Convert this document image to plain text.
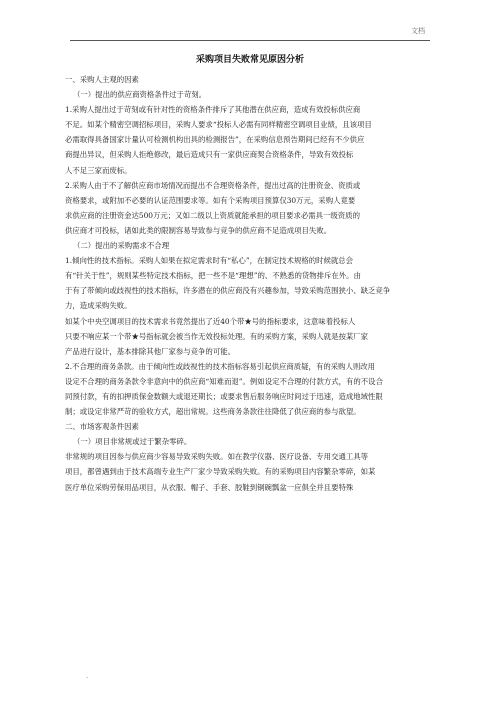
文档
采购项目失败常见原因分析

一、采购人主观的因素

（一）提出的供应商资格条件过于苛刻。

1.采购人提出过于苛刻或有针对性的资格条件排斥了其他潜在供应商，造成有效投标供应商

不足。如某个精密空调招标项目，采购人要求“投标人必需有同样精密空调项目业绩，且该项目

必需取得具备国家计量认可检测机构出具的检测报告”，在采购信息预告期间已经有不少供应

商提出异议，但采购人拒绝修改，最后造成只有一家供应商契合资格条件，导致有效投标

人不足三家而废标。

2.采购人由于不了解供应商市场情况而提出不合理资格条件，提出过高的注册资金、资质或

资格要求，或附加不必要的认证范围要求等。如有个采购项目预算仅30万元，采购人竟要

求供应商的注册资金达500万元；又如二级以上资质就能承担的项目要求必需具一级资质的

供应商才可投标，诸如此类的限制容易导致参与竞争的供应商不足造成项目失败。

（二）提出的采购需求不合理

1.倾向性的技术指标。采购人如果在拟定需求时有“私心”，在制定技术规格的时候就总会

有“针关于性”，规则某些特定技术指标，把一些不是“理想”的、不熟悉的货物排斥在外。由

于有了带倾向或歧视性的技术指标，许多潜在的供应商没有兴趣参加，导致采购范围狭小、缺乏竞争

力，造成采购失败。

如某个中央空调项目的技术需求书竟然提出了近40个带★号的指标要求，这意味着投标人

只要不响应某一个带★号指标就会被当作无效投标处理。有的采购方案，采购人就是按某厂家

产品进行设计，基本排除其他厂家参与竞争的可能。

2.不合理的商务条款。由于倾向性或歧视性的技术指标容易引起供应商质疑，有的采购人则改用

设定不合理的商务条款令非意向中的供应商“知难而退”。例如设定不合理的付款方式，有的不设合

同预付款，有的扣押质保金数额大或退还期长；或要求售后服务响应时间过于迅速，造成地域性限

制；或设定非常严苛的验收方式，超出常规。这些商务条款往往降低了供应商的参与欲望。

二、市场客观条件因素

（一）项目非常规或过于繁杂零碎。

非常规的项目因参与供应商少容易导致采购失败。如在教学仪器、医疗设备、专用交通工具等

项目，都曾遇到由于技术高端专业生产厂家少导致采购失败。有的采购项目内容繁杂零碎，如某

医疗单位采购劳保用品项目，从衣服、帽子、手套、胶鞋到铜碗瓢盆一应俱全并且要特殊

.
